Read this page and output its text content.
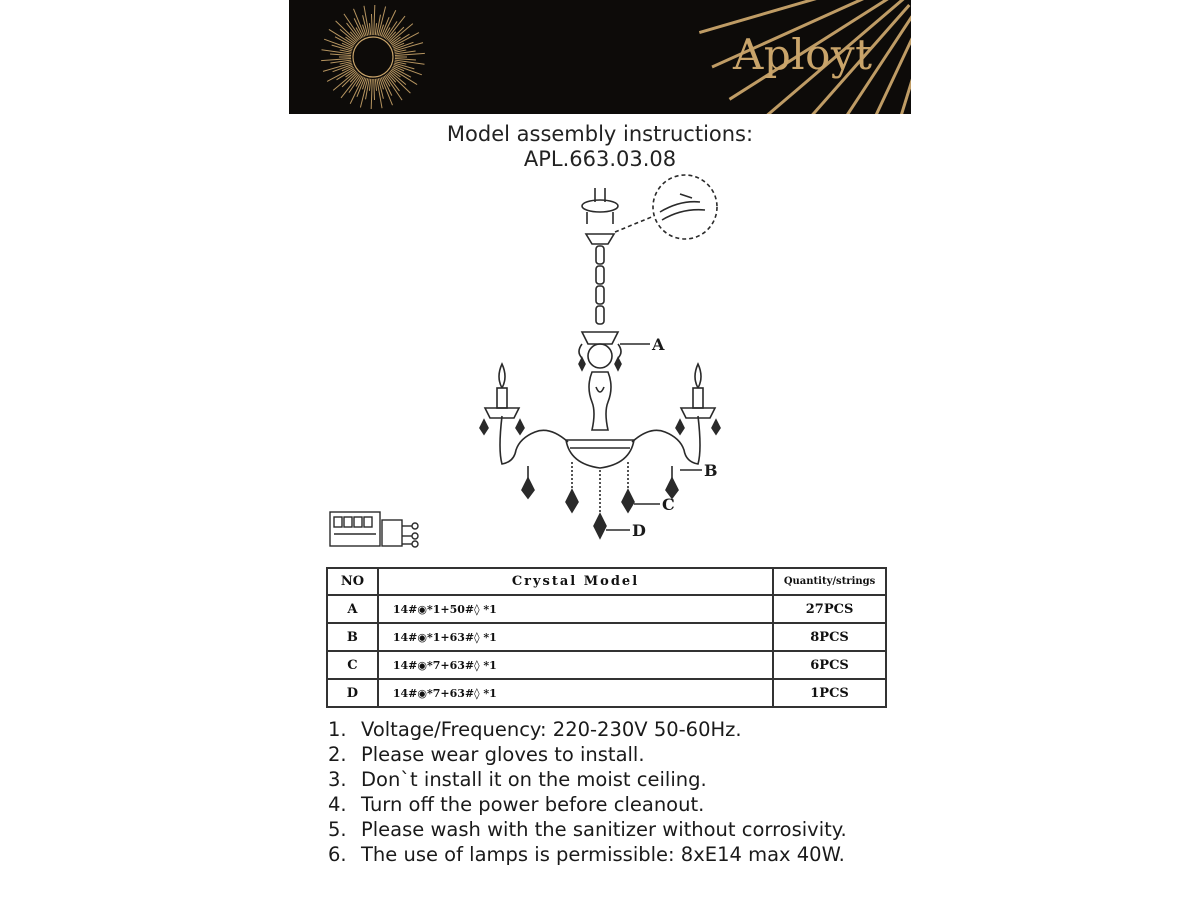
Aployt
Model assembly instructions:
APL.663.03.08
A
B
C
D
NO	Crystal Model	Quantity/strings
A	14#◉*1+50#◊ *1	27PCS
B	14#◉*1+63#◊ *1	8PCS
C	14#◉*7+63#◊ *1	6PCS
D	14#◉*7+63#◊ *1	1PCS
1. Voltage/Frequency: 220-230V 50-60Hz.
2. Please wear gloves to install.
3. Don`t install it on the moist ceiling.
4. Turn off the power before cleanout.
5. Please wash with the sanitizer without corrosivity.
6. The use of lamps is permissible: 8xE14 max 40W.
